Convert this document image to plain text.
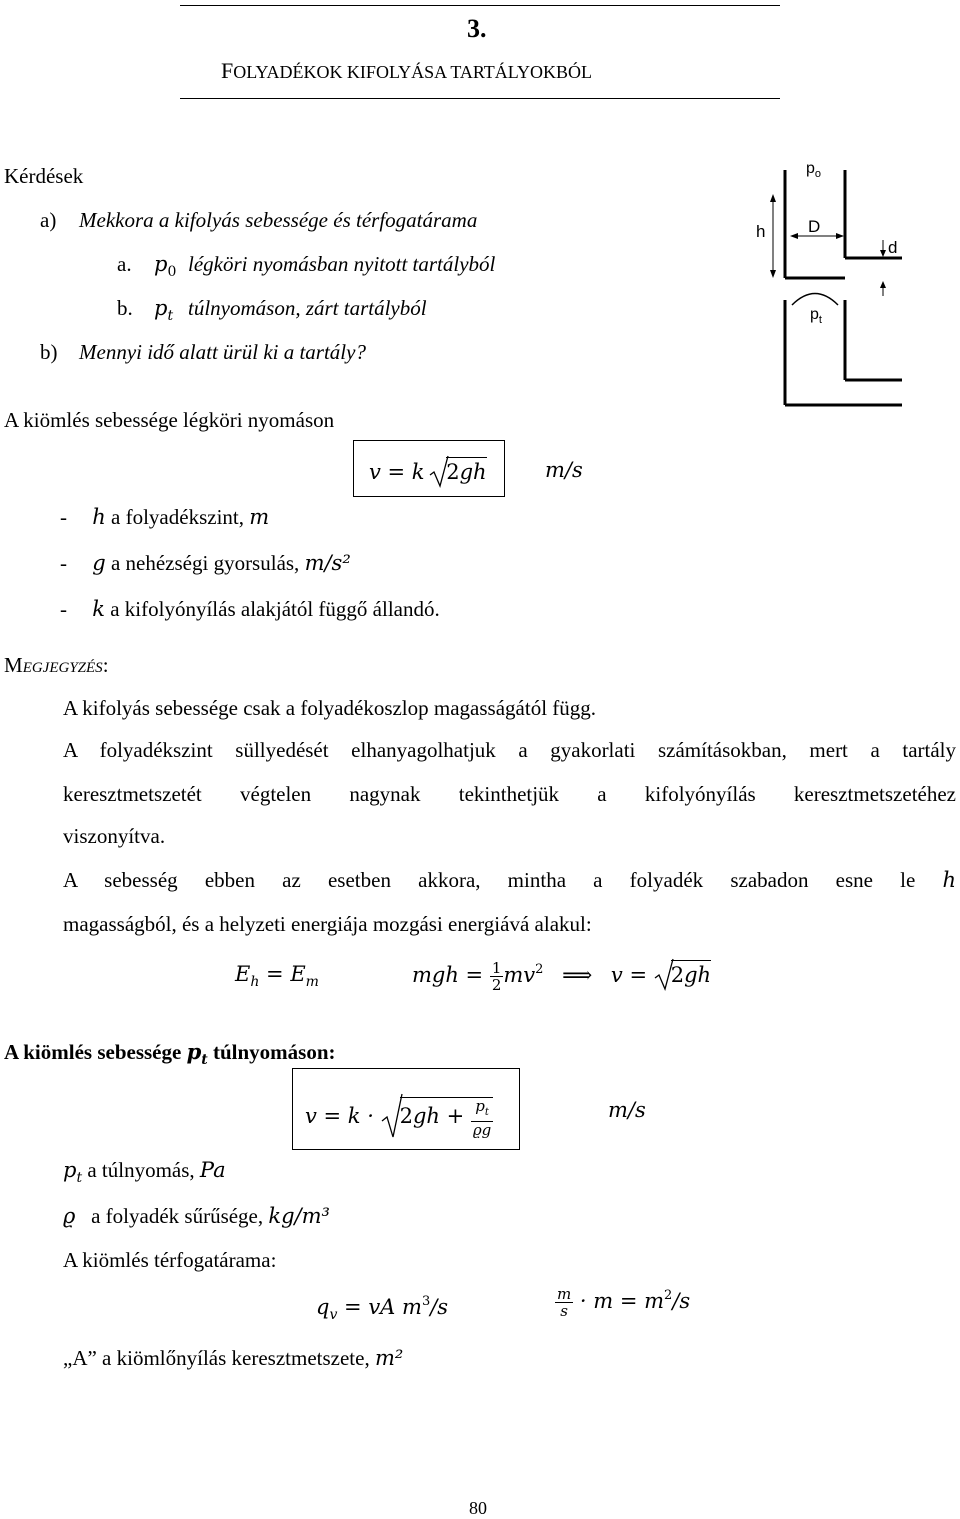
3.
FOLYADÉKOK KIFOLYÁSA TARTÁLYOKBÓL
Kérdések
a) Mekkora a kifolyás sebessége és térfogatárama
a. $p_0$ légköri nyomásban nyitott tartályból
b. $p_t$ túlnyomáson, zárt tartályból
b) Mennyi idő alatt ürül ki a tartály?
$p_o$
h	D
d
$p_t$
A kiömlés sebessége légköri nyomáson
v = k 2gh	m/s
- h a folyadékszint, m
- g a nehézségi gyorsulás, m/s²
- k a kifolyónyílás alakjától függő állandó.
MEGJEGYZÉS:
A kifolyás sebessége csak a folyadékoszlop magasságától függ.
A folyadékszint süllyedését elhanyagolhatjuk a gyakorlati számításokban, mert a tartály
keresztmetszetét végtelen nagynak tekinthetjük a kifolyónyílás keresztmetszetéhez
viszonyítva.
A sebesség ebben az esetben akkora, mintha a folyadék szabadon esne le h
magasságból, és a helyzeti energiája mozgási energiává alakul:
$E_h = E_m$	mgh = $\frac{1}{2} mv^2$ ⟹ v = 2gh
A kiömlés sebessége $p_t$ túlnyomáson:
$v = k \cdot 2gh + \frac{p_t}{ϱg}$	m/s
$p_t$ a túlnyomás, Pa
ϱ   a folyadék sűrűsége, kg/m³
A kiömlés térfogatárama:
$q_v$ = vA $m^3/s$	$\frac{m}{s} \cdot m = m^2/s$
„A” a kiömlőnyílás keresztmetszete, m²
80
